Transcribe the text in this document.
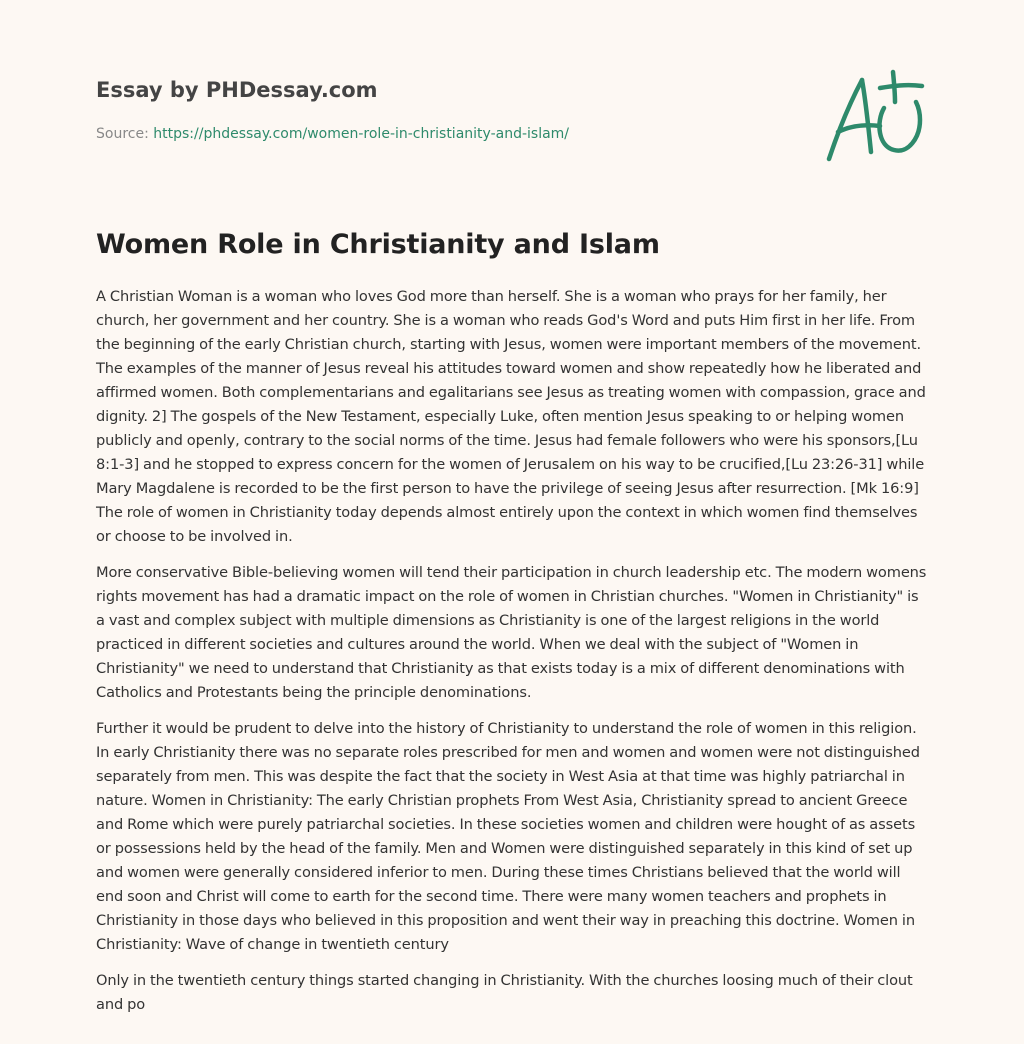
Essay by PHDessay.com
Source: https://phdessay.com/women-role-in-christianity-and-islam/
Women Role in Christianity and Islam

A Christian Woman is a woman who loves God more than herself. She is a woman who prays for her family, her church, her government and her country. She is a woman who reads God's Word and puts Him first in her life. From the beginning of the early Christian church, starting with Jesus, women were important members of the movement. The examples of the manner of Jesus reveal his attitudes toward women and show repeatedly how he liberated and affirmed women. Both complementarians and egalitarians see Jesus as treating women with compassion, grace and dignity. 2] The gospels of the New Testament, especially Luke, often mention Jesus speaking to or helping women publicly and openly, contrary to the social norms of the time. Jesus had female followers who were his sponsors,[Lu 8:1-3] and he stopped to express concern for the women of Jerusalem on his way to be crucified,[Lu 23:26-31] while Mary Magdalene is recorded to be the first person to have the privilege of seeing Jesus after resurrection. [Mk 16:9] The role of women in Christianity today depends almost entirely upon the context in which women find themselves or choose to be involved in.

More conservative Bible-believing women will tend their participation in church leadership etc. The modern womens rights movement has had a dramatic impact on the role of women in Christian churches. "Women in Christianity" is a vast and complex subject with multiple dimensions as Christianity is one of the largest religions in the world practiced in different societies and cultures around the world. When we deal with the subject of "Women in Christianity" we need to understand that Christianity as that exists today is a mix of different denominations with Catholics and Protestants being the principle denominations.

Further it would be prudent to delve into the history of Christianity to understand the role of women in this religion. In early Christianity there was no separate roles prescribed for men and women and women were not distinguished separately from men. This was despite the fact that the society in West Asia at that time was highly patriarchal in nature. Women in Christianity: The early Christian prophets From West Asia, Christianity spread to ancient Greece and Rome which were purely patriarchal societies. In these societies women and children were hought of as assets or possessions held by the head of the family. Men and Women were distinguished separately in this kind of set up and women were generally considered inferior to men. During these times Christians believed that the world will end soon and Christ will come to earth for the second time. There were many women teachers and prophets in Christianity in those days who believed in this proposition and went their way in preaching this doctrine. Women in Christianity: Wave of change in twentieth century

Only in the twentieth century things started changing in Christianity. With the churches loosing much of their clout and po
